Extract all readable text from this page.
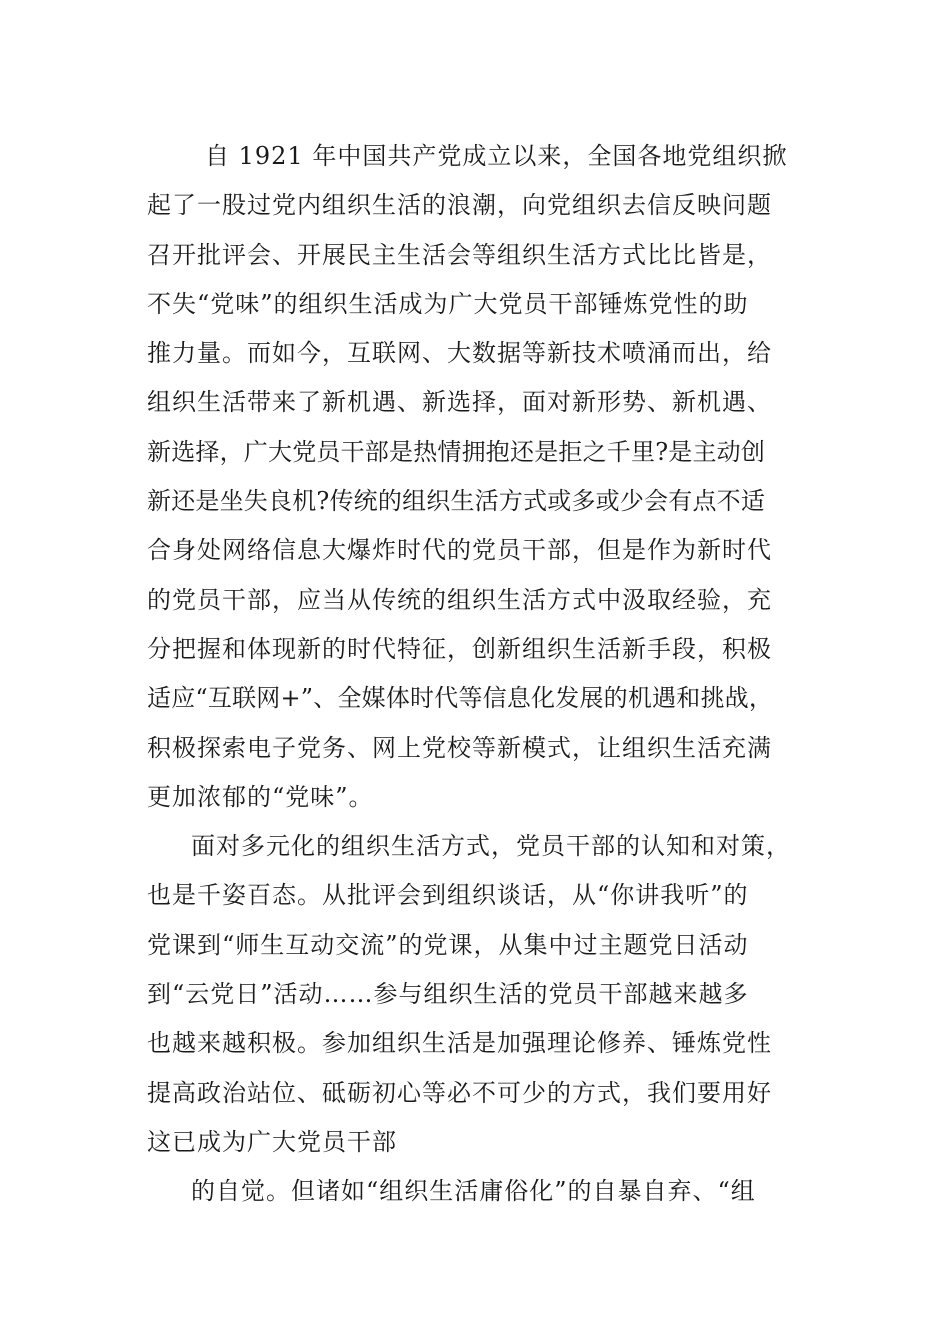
自 1921 年中国共产党成立以来，全国各地党组织掀
起了一股过党内组织生活的浪潮，向党组织去信反映问题
召开批评会、开展民主生活会等组织生活方式比比皆是，
不失“党味”的组织生活成为广大党员干部锤炼党性的助
推力量。而如今，互联网、大数据等新技术喷涌而出，给
组织生活带来了新机遇、新选择，面对新形势、新机遇、
新选择，广大党员干部是热情拥抱还是拒之千里?是主动创
新还是坐失良机?传统的组织生活方式或多或少会有点不适
合身处网络信息大爆炸时代的党员干部，但是作为新时代
的党员干部，应当从传统的组织生活方式中汲取经验，充
分把握和体现新的时代特征，创新组织生活新手段，积极
适应“互联网+”、全媒体时代等信息化发展的机遇和挑战，
积极探索电子党务、网上党校等新模式，让组织生活充满
更加浓郁的“党味”。
面对多元化的组织生活方式，党员干部的认知和对策，
也是千姿百态。从批评会到组织谈话，从“你讲我听”的
党课到“师生互动交流”的党课，从集中过主题党日活动
到“云党日”活动……参与组织生活的党员干部越来越多
也越来越积极。参加组织生活是加强理论修养、锤炼党性
提高政治站位、砥砺初心等必不可少的方式，我们要用好
这已成为广大党员干部
的自觉。但诸如“组织生活庸俗化”的自暴自弃、“组
